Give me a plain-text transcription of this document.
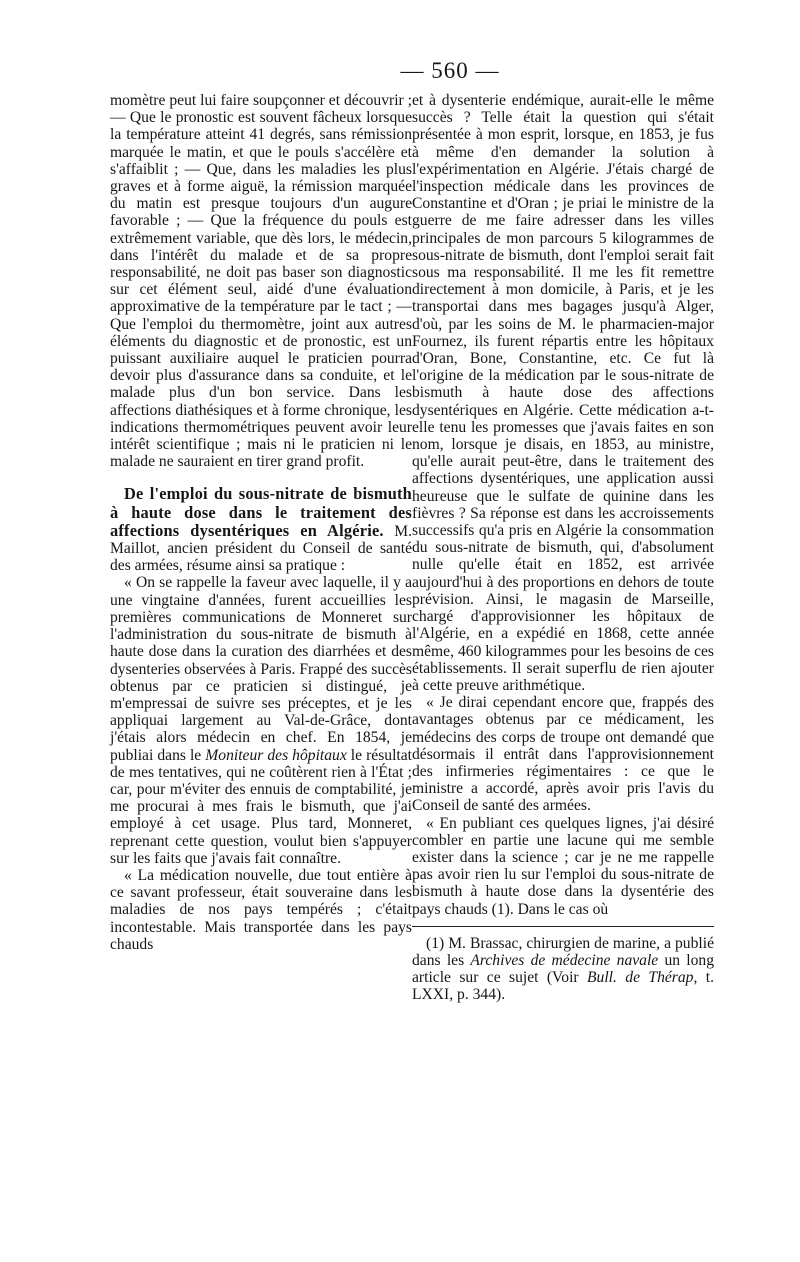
— 560 —

momètre peut lui faire soupçonner et découvrir ; — Que le pronostic est souvent fâcheux lorsque la température atteint 41 degrés, sans rémission marquée le matin, et que le pouls s'accélère et s'affaiblit ; — Que, dans les maladies les plus graves et à forme aiguë, la rémission marquée du matin est presque toujours d'un augure favorable ; — Que la fréquence du pouls est extrêmement variable, que dès lors, le médecin, dans l'intérêt du malade et de sa propre responsabilité, ne doit pas baser son diagnostic sur cet élément seul, aidé d'une évaluation approximative de la température par le tact ; — Que l'emploi du thermomètre, joint aux autres éléments du diagnostic et de pronostic, est un puissant auxiliaire auquel le praticien pourra devoir plus d'assurance dans sa conduite, et le malade plus d'un bon service. Dans les affections diathésiques et à forme chronique, les indications thermométriques peuvent avoir leur intérêt scientifique ; mais ni le praticien ni le malade ne sauraient en tirer grand profit.

De l'emploi du sous-nitrate de bismuth à haute dose dans le traitement des affections dysentériques en Algérie. M. Maillot, ancien président du Conseil de santé des armées, résume ainsi sa pratique :

« On se rappelle la faveur avec laquelle, il y a une vingtaine d'années, furent accueillies les premières communications de Monneret sur l'administration du sous-nitrate de bismuth à haute dose dans la curation des diarrhées et des dysenteries observées à Paris. Frappé des succès obtenus par ce praticien si distingué, je m'empressai de suivre ses préceptes, et je les appliquai largement au Val-de-Grâce, dont j'étais alors médecin en chef. En 1854, je publiai dans le Moniteur des hôpitaux le résultat de mes tentatives, qui ne coûtèrent rien à l'État ; car, pour m'éviter des ennuis de comptabilité, je me procurai à mes frais le bismuth, que j'ai employé à cet usage. Plus tard, Monneret, reprenant cette question, voulut bien s'appuyer sur les faits que j'avais fait connaître.

« La médication nouvelle, due tout entière à ce savant professeur, était souveraine dans les maladies de nos pays tempérés ; c'était incontestable. Mais transportée dans les pays chauds

et à dysenterie endémique, aurait-elle le même succès ? Telle était la question qui s'était présentée à mon esprit, lorsque, en 1853, je fus à même d'en demander la solution à l'expérimentation en Algérie. J'étais chargé de l'inspection médicale dans les provinces de Constantine et d'Oran ; je priai le ministre de la guerre de me faire adresser dans les villes principales de mon parcours 5 kilogrammes de sous-nitrate de bismuth, dont l'emploi serait fait sous ma responsabilité. Il me les fit remettre directement à mon domicile, à Paris, et je les transportai dans mes bagages jusqu'à Alger, d'où, par les soins de M. le pharmacien-major Fournez, ils furent répartis entre les hôpitaux d'Oran, Bone, Constantine, etc. Ce fut là l'origine de la médication par le sous-nitrate de bismuth à haute dose des affections dysentériques en Algérie. Cette médication a-t-elle tenu les promesses que j'avais faites en son nom, lorsque je disais, en 1853, au ministre, qu'elle aurait peut-être, dans le traitement des affections dysentériques, une application aussi heureuse que le sulfate de quinine dans les fièvres ? Sa réponse est dans les accroissements successifs qu'a pris en Algérie la consommation du sous-nitrate de bismuth, qui, d'absolument nulle qu'elle était en 1852, est arrivée aujourd'hui à des proportions en dehors de toute prévision. Ainsi, le magasin de Marseille, chargé d'approvisionner les hôpitaux de l'Algérie, en a expédié en 1868, cette année même, 460 kilogrammes pour les besoins de ces établissements. Il serait superflu de rien ajouter à cette preuve arithmétique.

« Je dirai cependant encore que, frappés des avantages obtenus par ce médicament, les médecins des corps de troupe ont demandé que désormais il entrât dans l'approvisionnement des infirmeries régimentaires : ce que le ministre a accordé, après avoir pris l'avis du Conseil de santé des armées.

« En publiant ces quelques lignes, j'ai désiré combler en partie une lacune qui me semble exister dans la science ; car je ne me rappelle pas avoir rien lu sur l'emploi du sous-nitrate de bismuth à haute dose dans la dysentérie des pays chauds (1). Dans le cas où

(1) M. Brassac, chirurgien de marine, a publié dans les Archives de médecine navale un long article sur ce sujet (Voir Bull. de Thérap, t. LXXI, p. 344).
